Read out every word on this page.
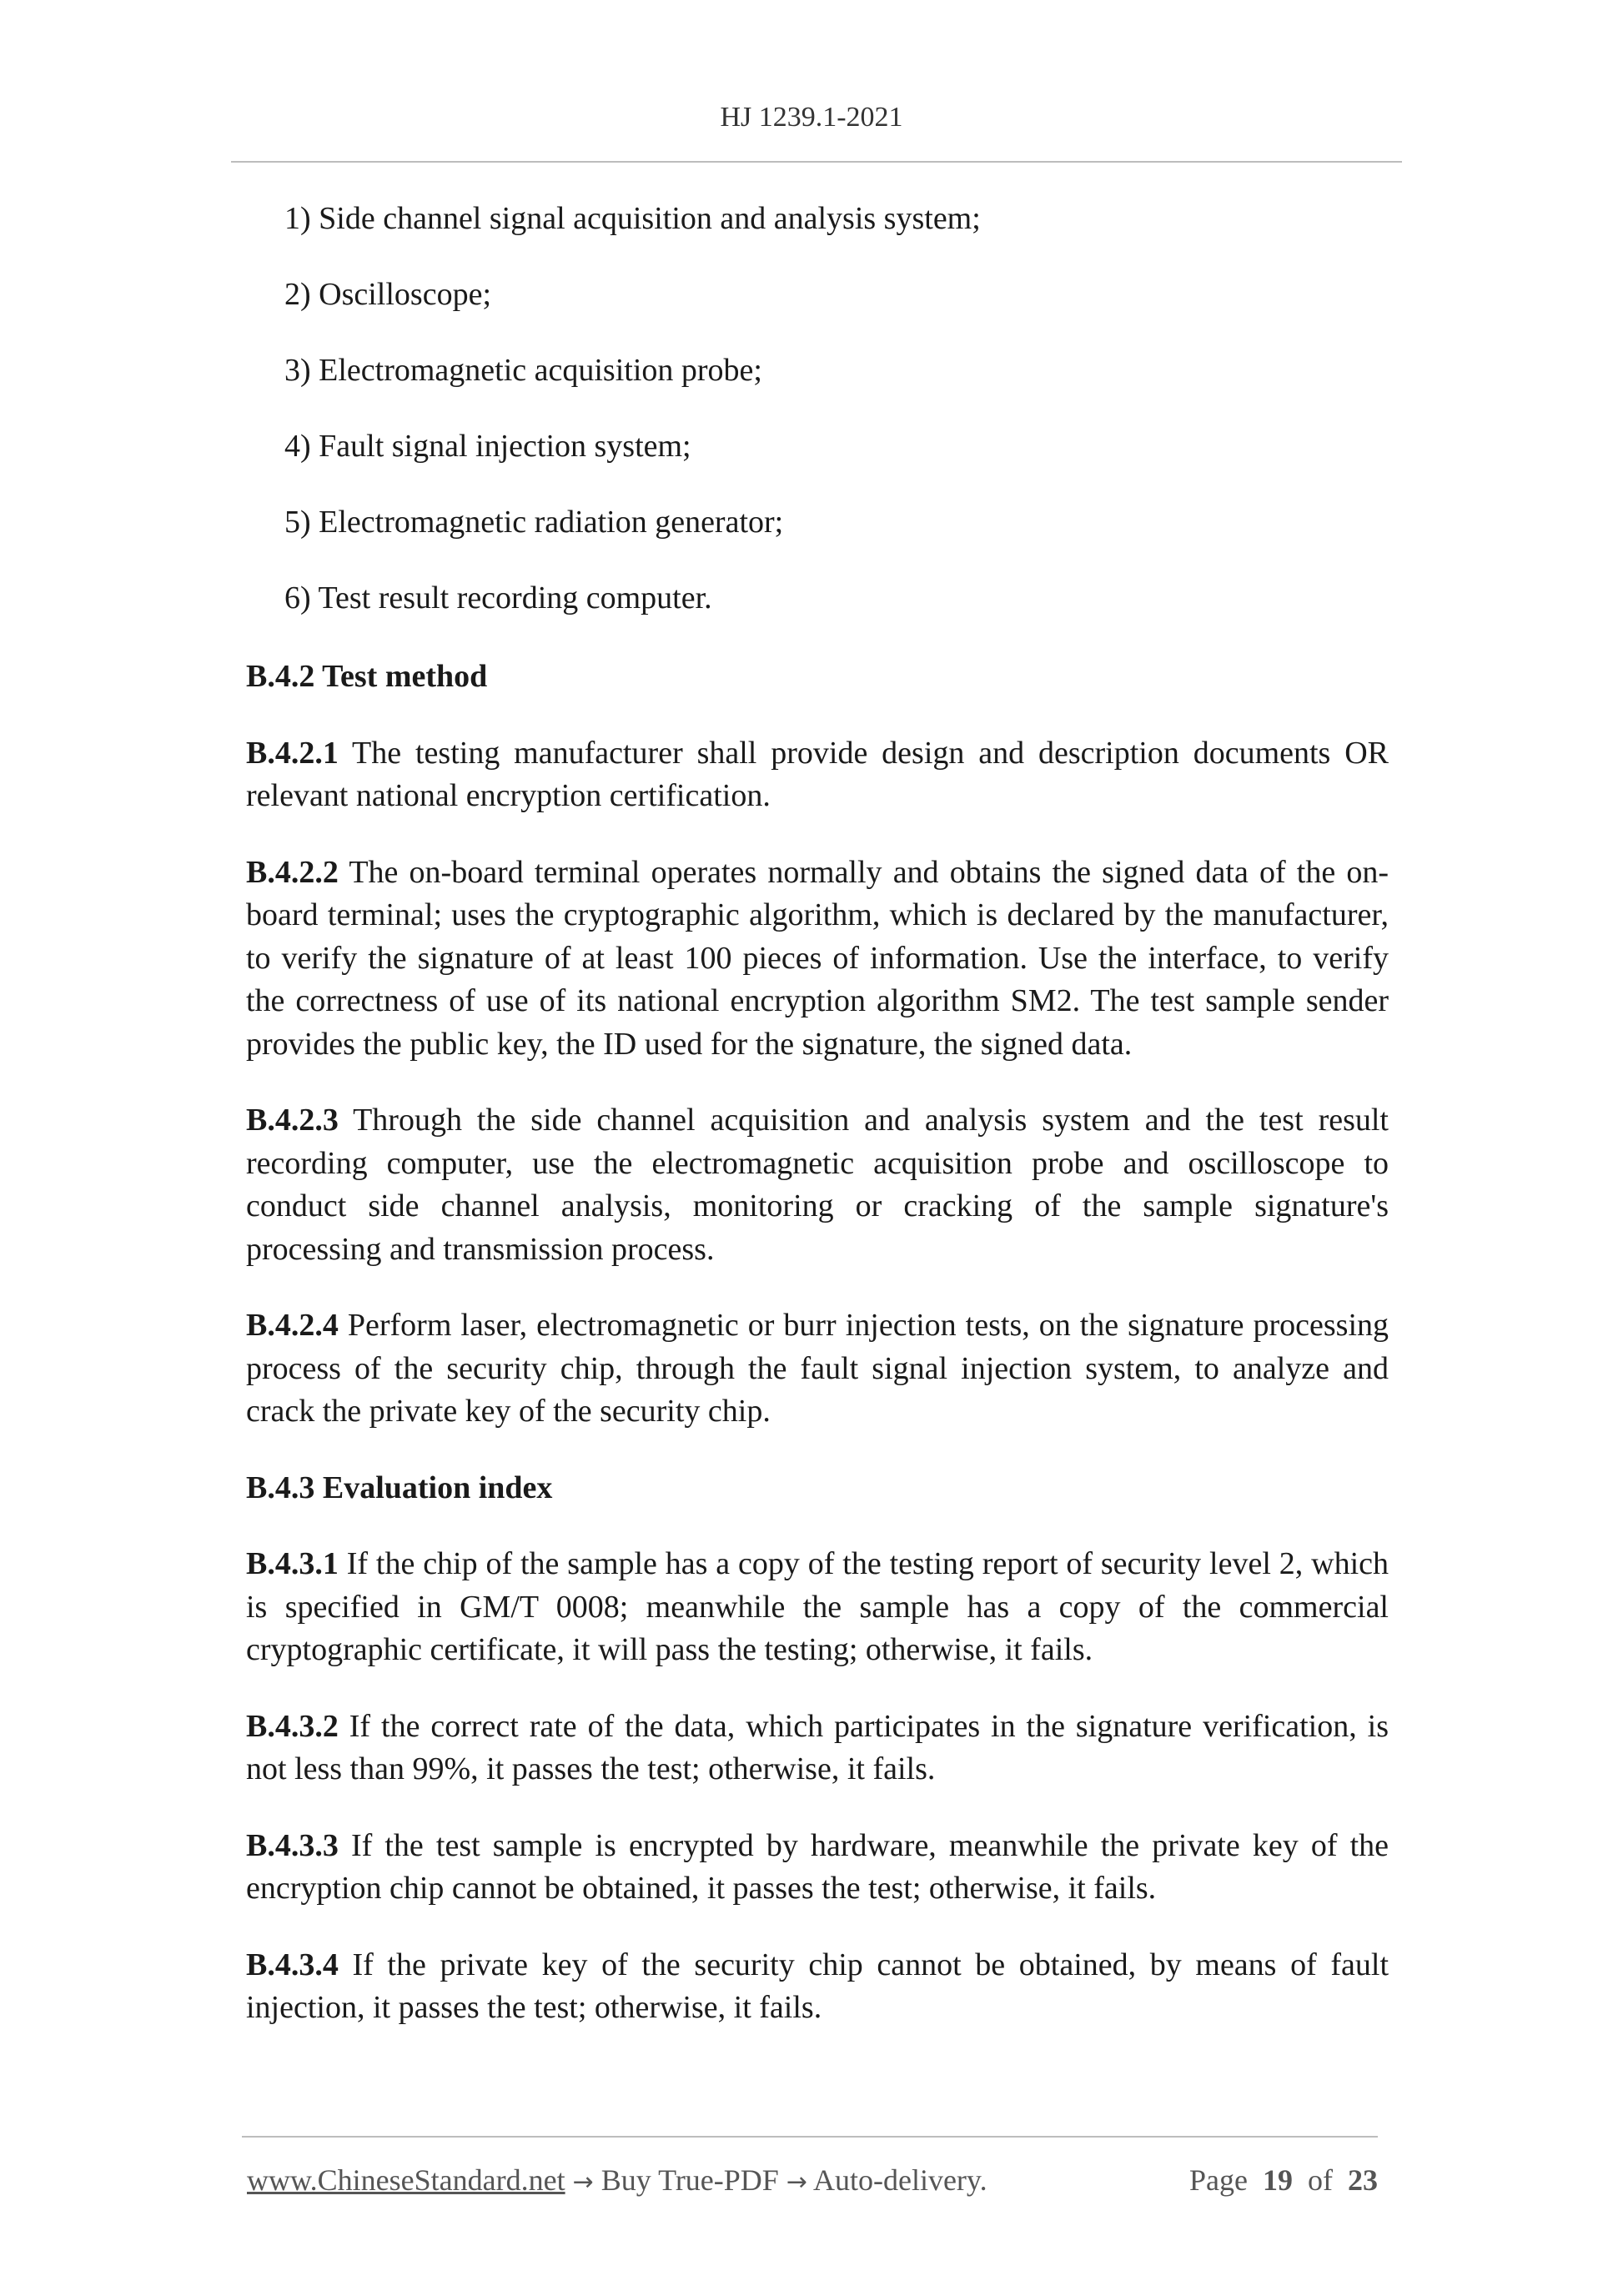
HJ 1239.1-2021
1) Side channel signal acquisition and analysis system;
2) Oscilloscope;
3) Electromagnetic acquisition probe;
4) Fault signal injection system;
5) Electromagnetic radiation generator;
6) Test result recording computer.

B.4.2 Test method

B.4.2.1 The testing manufacturer shall provide design and description documents OR relevant national encryption certification.

B.4.2.2 The on-board terminal operates normally and obtains the signed data of the on-board terminal; uses the cryptographic algorithm, which is declared by the manufacturer, to verify the signature of at least 100 pieces of information. Use the interface, to verify the correctness of use of its national encryption algorithm SM2. The test sample sender provides the public key, the ID used for the signature, the signed data.

B.4.2.3 Through the side channel acquisition and analysis system and the test result recording computer, use the electromagnetic acquisition probe and oscilloscope to conduct side channel analysis, monitoring or cracking of the sample signature's processing and transmission process.

B.4.2.4 Perform laser, electromagnetic or burr injection tests, on the signature processing process of the security chip, through the fault signal injection system, to analyze and crack the private key of the security chip.

B.4.3 Evaluation index

B.4.3.1 If the chip of the sample has a copy of the testing report of security level 2, which is specified in GM/T 0008; meanwhile the sample has a copy of the commercial cryptographic certificate, it will pass the testing; otherwise, it fails.

B.4.3.2 If the correct rate of the data, which participates in the signature verification, is not less than 99%, it passes the test; otherwise, it fails.

B.4.3.3 If the test sample is encrypted by hardware, meanwhile the private key of the encryption chip cannot be obtained, it passes the test; otherwise, it fails.

B.4.3.4 If the private key of the security chip cannot be obtained, by means of fault injection, it passes the test; otherwise, it fails.

www.ChineseStandard.net → Buy True-PDF → Auto-delivery.	Page 19 of 23
